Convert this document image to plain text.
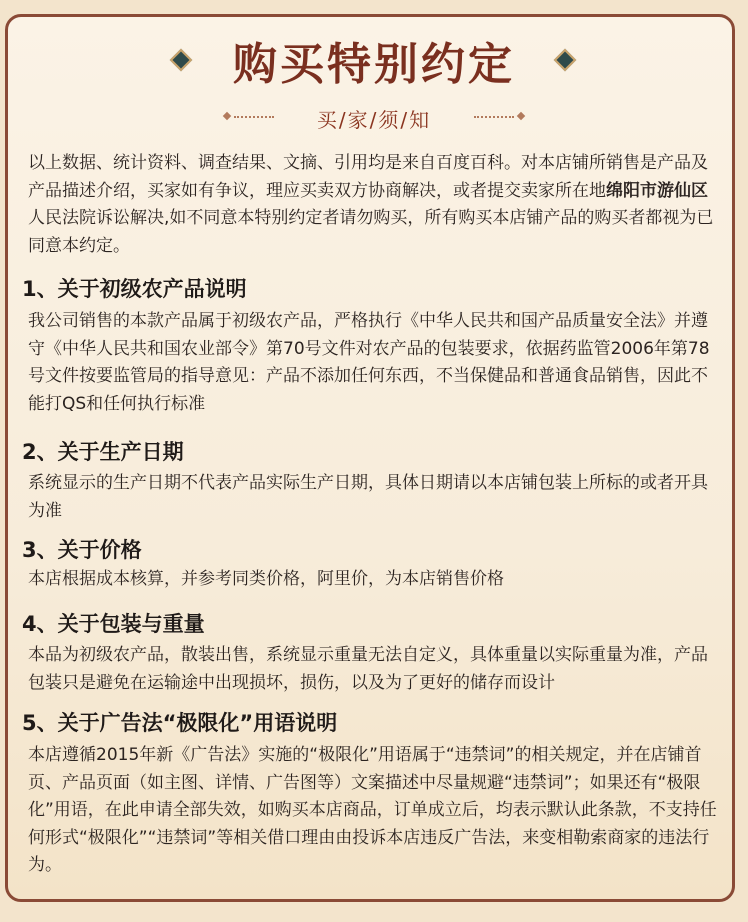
购买特别约定
买/家/须/知
以上数据、统计资料、调查结果、文摘、引用均是来自百度百科。对本店铺所销售是产品及产品描述介绍，买家如有争议，理应买卖双方协商解决，或者提交卖家所在地绵阳市游仙区人民法院诉讼解决,如不同意本特别约定者请勿购买，所有购买本店铺产品的购买者都视为已同意本约定。
1、关于初级农产品说明
我公司销售的本款产品属于初级农产品，严格执行《中华人民共和国产品质量安全法》并遵守《中华人民共和国农业部令》第70号文件对农产品的包装要求，依据药监管2006年第78号文件按要监管局的指导意见：产品不添加任何东西，不当保健品和普通食品销售，因此不能打QS和任何执行标准
2、关于生产日期
系统显示的生产日期不代表产品实际生产日期，具体日期请以本店铺包装上所标的或者开具为准
3、关于价格
本店根据成本核算，并参考同类价格，阿里价，为本店销售价格
4、关于包装与重量
本品为初级农产品，散装出售，系统显示重量无法自定义，具体重量以实际重量为准，产品包装只是避免在运输途中出现损坏，损伤，以及为了更好的储存而设计
5、关于广告法“极限化”用语说明
本店遵循2015年新《广告法》实施的“极限化”用语属于“违禁词”的相关规定，并在店铺首页、产品页面（如主图、详情、广告图等）文案描述中尽量规避“违禁词”；如果还有“极限化”用语，在此申请全部失效，如购买本店商品，订单成立后，均表示默认此条款，不支持任何形式“极限化”“违禁词”等相关借口理由由投诉本店违反广告法，来变相勒索商家的违法行为。
